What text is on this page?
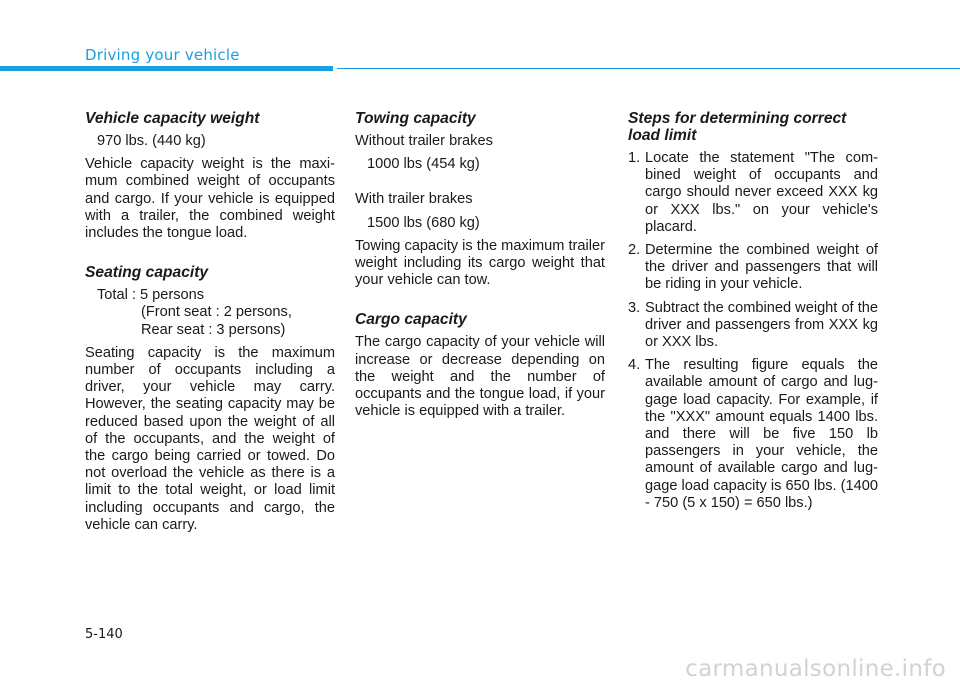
Driving your vehicle
Vehicle capacity weight

970 lbs. (440 kg)

Vehicle capacity weight is the maxi-mum combined weight of occupants and cargo. If your vehicle is equipped with a trailer, the combined weight includes the tongue load.

Seating capacity
Total : 5 persons

(Front seat : 2 persons,

Rear seat : 3 persons)

Seating capacity is the maximum number of occupants including a driver, your vehicle may carry. However, the seating capacity may be reduced based upon the weight of all of the occupants, and the weight of the cargo being carried or towed. Do not overload the vehicle as there is a limit to the total weight, or load limit including occupants and cargo, the vehicle can carry.

Towing capacity

Without trailer brakes

1000 lbs (454 kg)

With trailer brakes

1500 lbs (680 kg)

Towing capacity is the maximum trailer weight including its cargo weight that your vehicle can tow.

Cargo capacity

The cargo capacity of your vehicle will increase or decrease depending on the weight and the number of occupants and the tongue load, if your vehicle is equipped with a trailer.

Steps for determining correct
load limit
1. Locate the statement "The com-bined weight of occupants and cargo should never exceed XXX kg or XXX lbs." on your vehicle's placard.
2. Determine the combined weight of the driver and passengers that will be riding in your vehicle.
3. Subtract the combined weight of the driver and passengers from XXX kg or XXX lbs.
4. The resulting figure equals the available amount of cargo and lug-gage load capacity. For example, if the "XXX" amount equals 1400 lbs. and there will be five 150 lb passengers in your vehicle, the amount of available cargo and lug-gage load capacity is 650 lbs. (1400 - 750 (5 x 150) = 650 lbs.)
5-140
carmanualsonline.info
